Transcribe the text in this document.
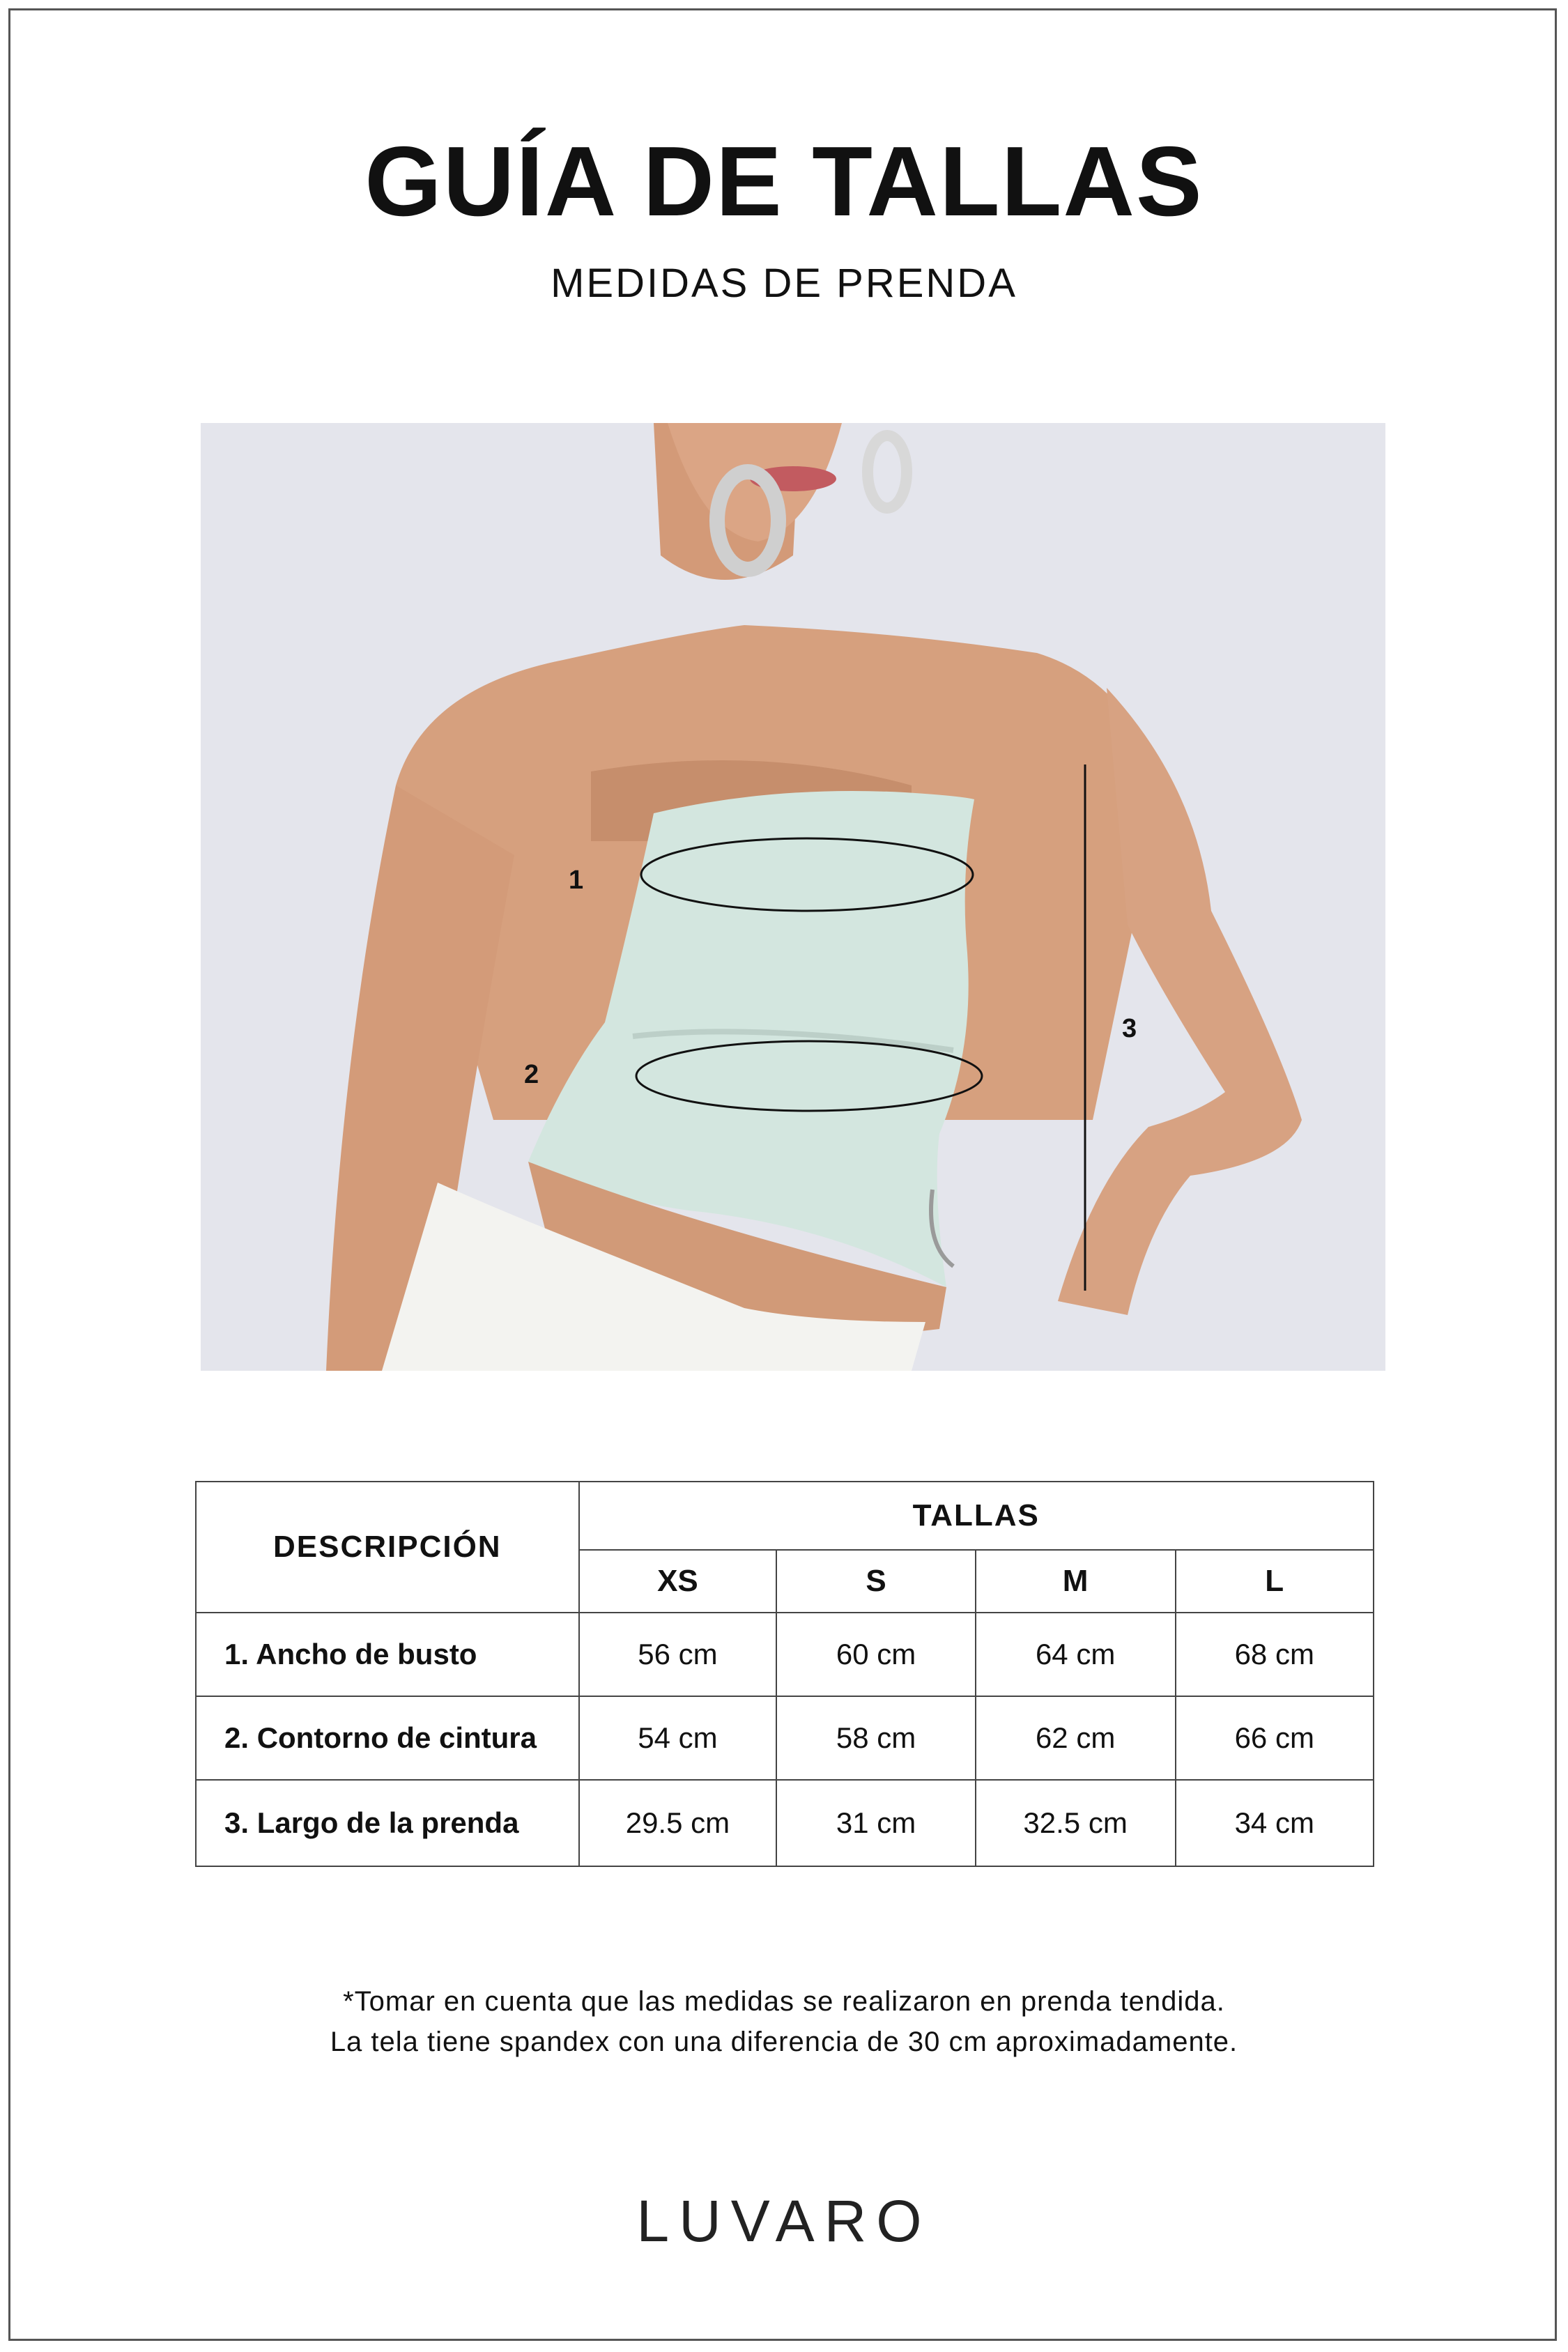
GUÍA DE TALLAS
MEDIDAS DE PRENDA
1
2
3
DESCRIPCIÓN	TALLAS			
	XS	S	M	L
1. Ancho de busto	56 cm	60 cm	64 cm	68 cm
2. Contorno de cintura	54 cm	58 cm	62 cm	66 cm
3. Largo de la prenda	29.5 cm	31 cm	32.5 cm	34 cm
*Tomar en cuenta que las medidas se realizaron en prenda tendida.
La tela tiene spandex con una diferencia de 30 cm aproximadamente.
LUVARO
